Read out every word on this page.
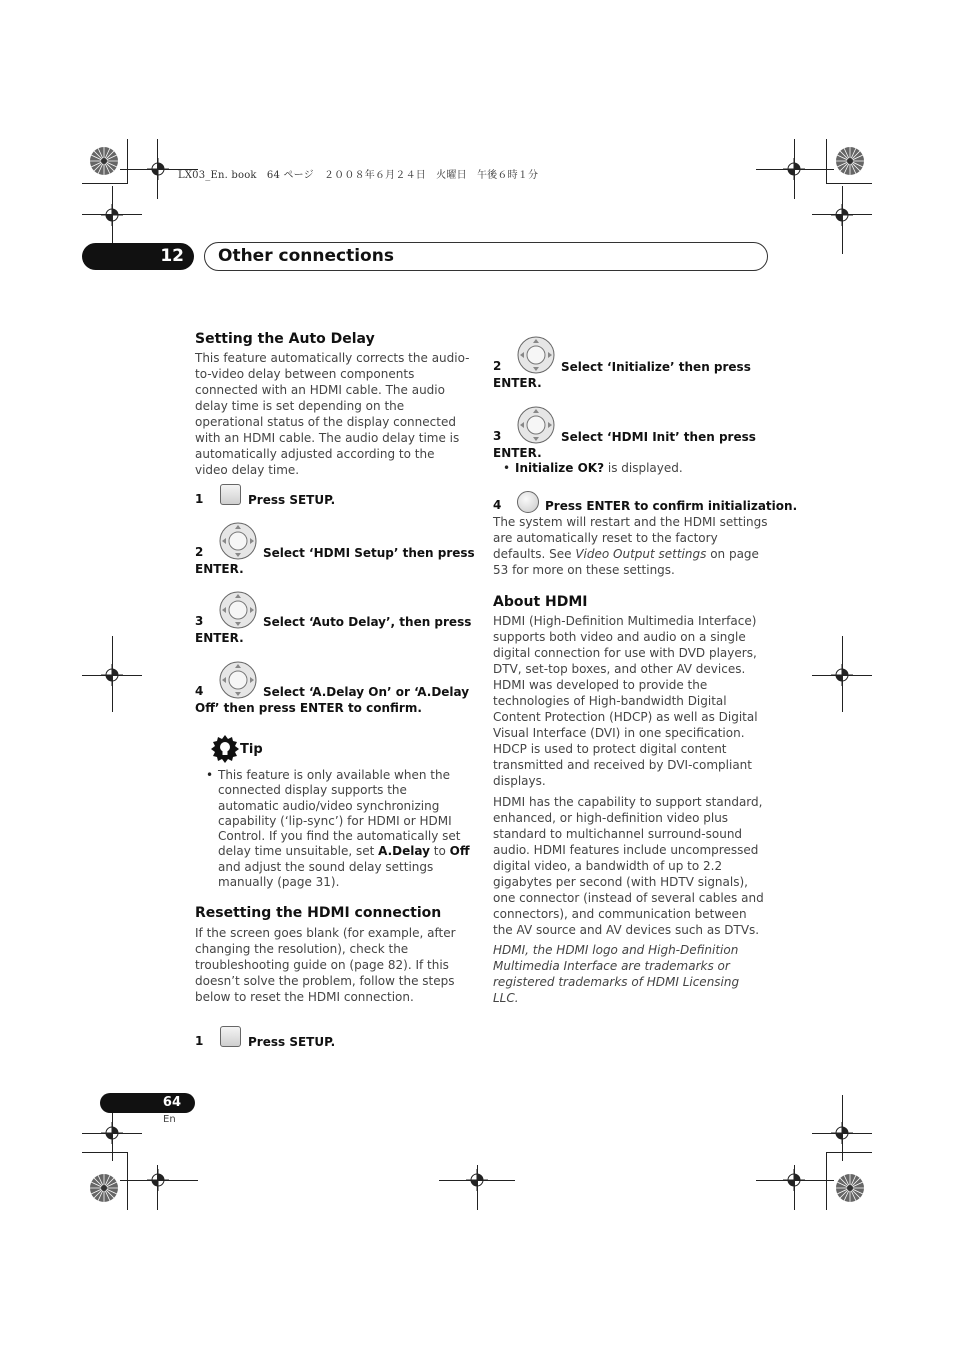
LX03_En. book　64 ページ　２００８年６月２４日　火曜日　午後６時１分
12	Other connections
Setting the Auto Delay
This feature automatically corrects the audio-to-video delay between components connected with an HDMI cable. The audio delay time is set depending on the operational status of the display connected with an HDMI cable. The audio delay time is automatically adjusted according to the video delay time.
1	Press SETUP.
2	Select ‘HDMI Setup’ then press
ENTER.
3	Select ‘Auto Delay’, then press
ENTER.
4	Select ‘A.Delay On’ or ‘A.Delay
Off’ then press ENTER to confirm.
Tip
• This feature is only available when the connected display supports the automatic audio/video synchronizing capability (‘lip-sync’) for HDMI or HDMI Control. If you find the automatically set delay time unsuitable, set A.Delay to Off and adjust the sound delay settings manually (page 31).
Resetting the HDMI connection
If the screen goes blank (for example, after changing the resolution), check the troubleshooting guide on (page 82). If this doesn’t solve the problem, follow the steps below to reset the HDMI connection.
1	Press SETUP.
2	Select ‘Initialize’ then press
ENTER.
3	Select ‘HDMI Init’ then press
ENTER.
• Initialize OK? is displayed.
4	Press ENTER to confirm initialization.
The system will restart and the HDMI settings are automatically reset to the factory defaults. See Video Output settings on page 53 for more on these settings.
About HDMI
HDMI (High-Definition Multimedia Interface) supports both video and audio on a single digital connection for use with DVD players, DTV, set-top boxes, and other AV devices. HDMI was developed to provide the technologies of High-bandwidth Digital Content Protection (HDCP) as well as Digital Visual Interface (DVI) in one specification. HDCP is used to protect digital content transmitted and received by DVI-compliant displays.
HDMI has the capability to support standard, enhanced, or high-definition video plus standard to multichannel surround-sound audio. HDMI features include uncompressed digital video, a bandwidth of up to 2.2 gigabytes per second (with HDTV signals), one connector (instead of several cables and connectors), and communication between the AV source and AV devices such as DTVs.
HDMI, the HDMI logo and High-Definition Multimedia Interface are trademarks or registered trademarks of HDMI Licensing LLC.
64
En
